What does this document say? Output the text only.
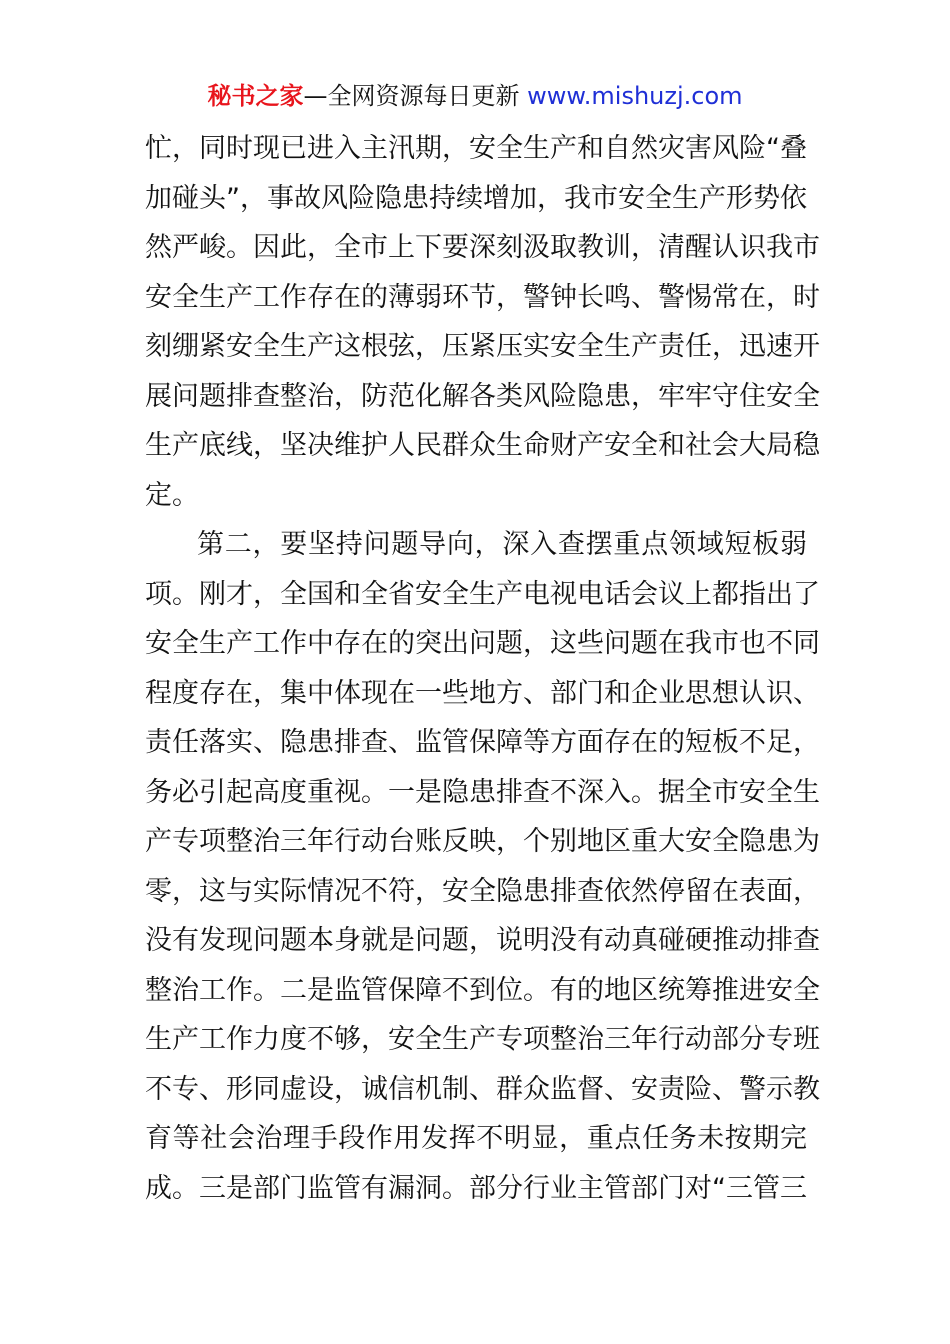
秘书之家—全网资源每日更新 www.mishuzj.com
忙，同时现已进入主汛期，安全生产和自然灾害风险“叠
加碰头”，事故风险隐患持续增加，我市安全生产形势依
然严峻。因此，全市上下要深刻汲取教训，清醒认识我市
安全生产工作存在的薄弱环节，警钟长鸣、警惕常在，时
刻绷紧安全生产这根弦，压紧压实安全生产责任，迅速开
展问题排查整治，防范化解各类风险隐患，牢牢守住安全
生产底线，坚决维护人民群众生命财产安全和社会大局稳
定。
第二，要坚持问题导向，深入查摆重点领域短板弱
项。刚才，全国和全省安全生产电视电话会议上都指出了
安全生产工作中存在的突出问题，这些问题在我市也不同
程度存在，集中体现在一些地方、部门和企业思想认识、
责任落实、隐患排查、监管保障等方面存在的短板不足，
务必引起高度重视。一是隐患排查不深入。据全市安全生
产专项整治三年行动台账反映，个别地区重大安全隐患为
零，这与实际情况不符，安全隐患排查依然停留在表面，
没有发现问题本身就是问题，说明没有动真碰硬推动排查
整治工作。二是监管保障不到位。有的地区统筹推进安全
生产工作力度不够，安全生产专项整治三年行动部分专班
不专、形同虚设，诚信机制、群众监督、安责险、警示教
育等社会治理手段作用发挥不明显，重点任务未按期完
成。三是部门监管有漏洞。部分行业主管部门对“三管三
